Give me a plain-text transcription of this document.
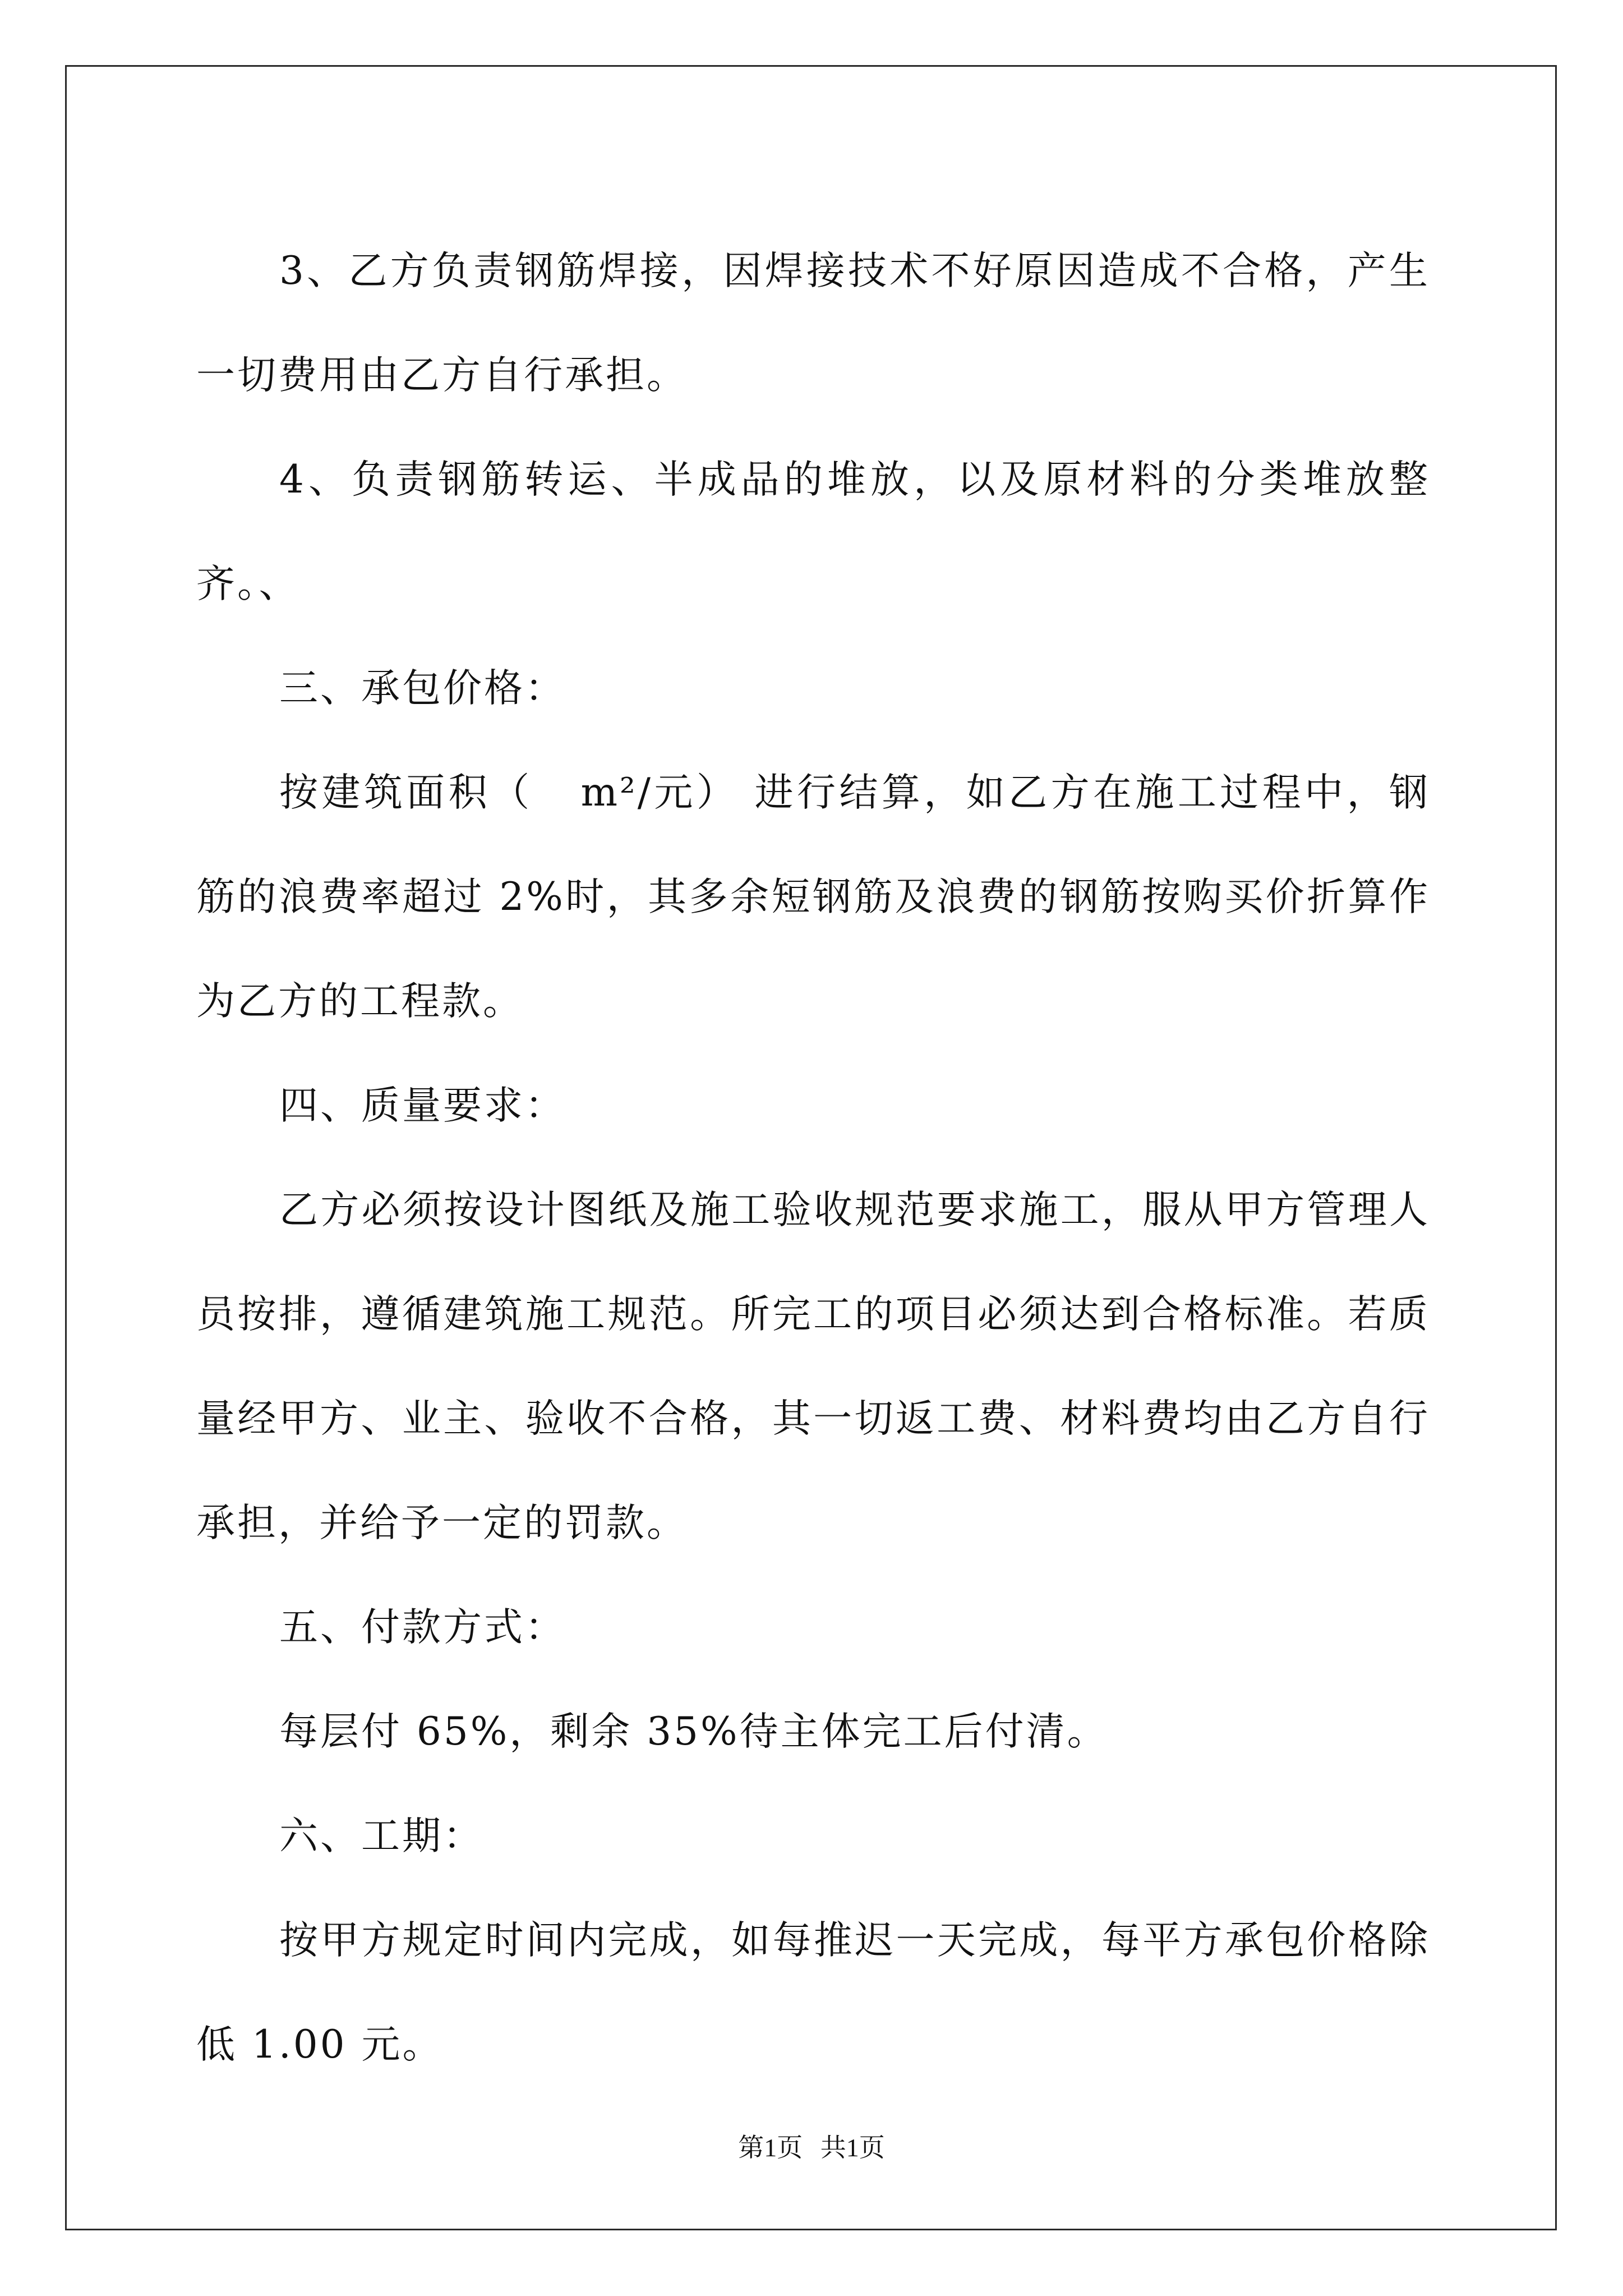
3、乙方负责钢筋焊接，因焊接技术不好原因造成不合格，产生一切费用由乙方自行承担。

4、负责钢筋转运、半成品的堆放，以及原材料的分类堆放整齐。、

三、承包价格：

按建筑面积（   m²/元） 进行结算，如乙方在施工过程中，钢筋的浪费率超过 2%时，其多余短钢筋及浪费的钢筋按购买价折算作为乙方的工程款。

四、质量要求：

乙方必须按设计图纸及施工验收规范要求施工，服从甲方管理人员按排，遵循建筑施工规范。所完工的项目必须达到合格标准。若质量经甲方、业主、验收不合格，其一切返工费、材料费均由乙方自行承担，并给予一定的罚款。

五、付款方式：

每层付 65%，剩余 35%待主体完工后付清。

六、工期：

按甲方规定时间内完成，如每推迟一天完成，每平方承包价格除低 1.00 元。

第1页 共1页
